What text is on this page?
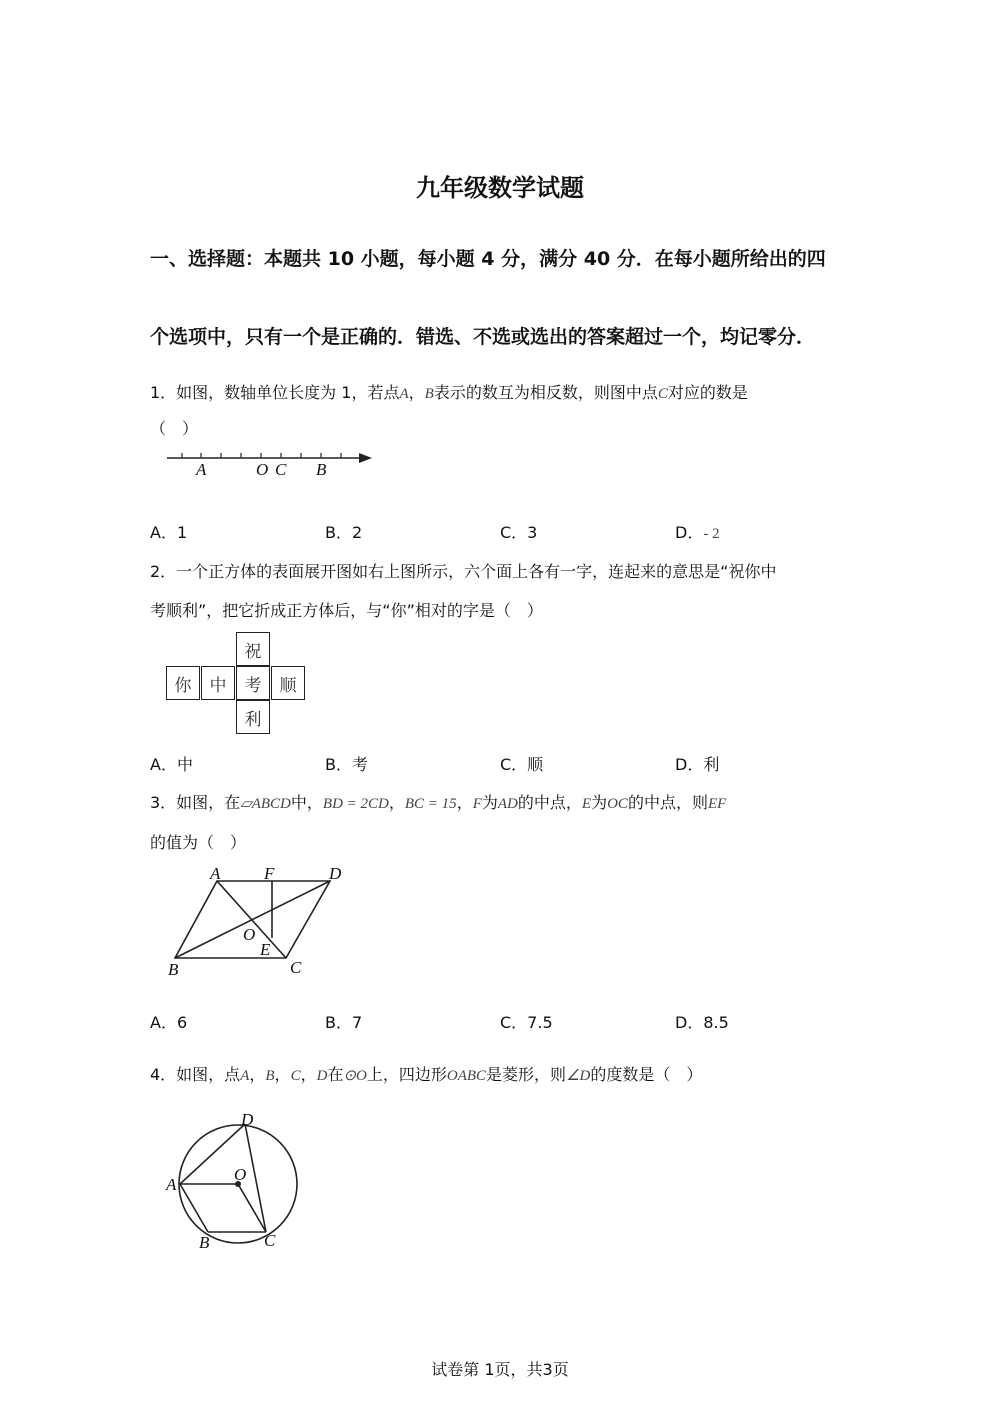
九年级数学试题
一、选择题：本题共 10 小题，每小题 4 分，满分 40 分．在每小题所给出的四
个选项中，只有一个是正确的．错选、不选或选出的答案超过一个，均记零分．
1．如图，数轴单位长度为 1，若点A，B表示的数互为相反数，则图中点C对应的数是
（　）
A	O C B
A．1	B．2	C．3	D．- 2
2．一个正方体的表面展开图如右上图所示，六个面上各有一字，连起来的意思是“祝你中
考顺利”，把它折成正方体后，与“你”相对的字是（　）
祝
你	中	考	顺
利
A．中	B．考	C．顺	D．利
3．如图，在▱ABCD中，BD = 2CD，BC = 15，F为AD的中点，E为OC的中点，则EF
的值为（　）
A	F	D
O
E
B	C
A．6	B．7	C．7.5	D．8.5
4．如图，点A，B，C，D在⊙O上，四边形OABC是菱形，则∠D的度数是（　）
D
O
A
B	C
试卷第 1页，共3页
